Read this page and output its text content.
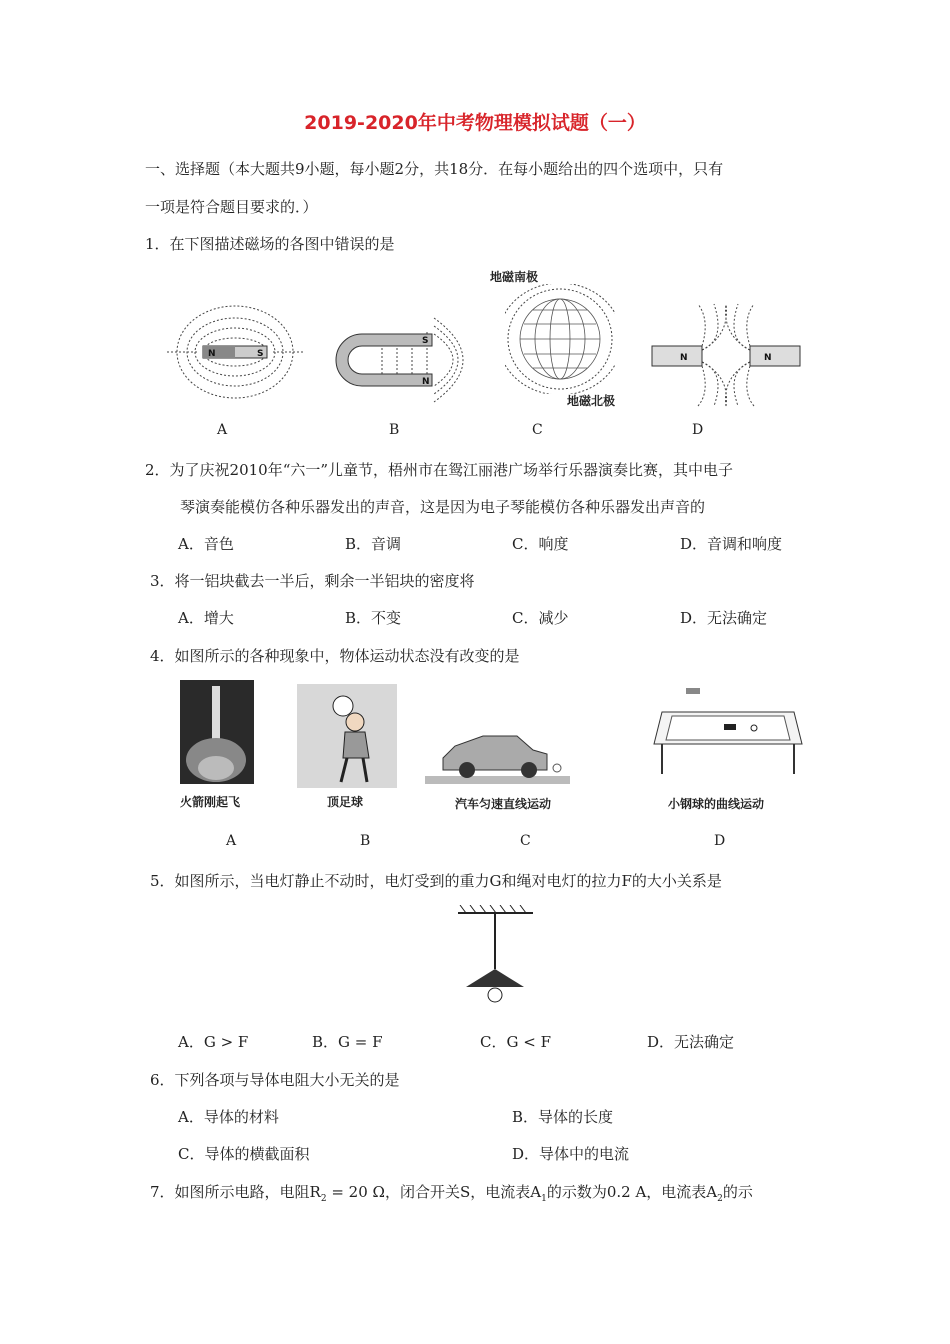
2019-2020年中考物理模拟试题（一）
一、选择题（本大题共9小题，每小题2分，共18分．在每小题给出的四个选项中，只有
一项是符合题目要求的．）
1．在下图描述磁场的各图中错误的是
N	S
A
S
N
B
地磁南极
地磁北极
C
N	N
D
2．为了庆祝2010年“六一”儿童节，梧州市在鸳江丽港广场举行乐器演奏比赛，其中电子
琴演奏能模仿各种乐器发出的声音，这是因为电子琴能模仿各种乐器发出声音的
A．音色	B．音调	C．响度	D．音调和响度
3．将一铝块截去一半后，剩余一半铝块的密度将
A．增大	B．不变	C．减少	D．无法确定
4．如图所示的各种现象中，物体运动状态没有改变的是
火箭刚起飞
A
顶足球
B
汽车匀速直线运动
C
小钢球的曲线运动
D
5．如图所示，当电灯静止不动时，电灯受到的重力G和绳对电灯的拉力F的大小关系是
A．G > F	B．G = F	C．G < F	D．无法确定
6．下列各项与导体电阻大小无关的是
A．导体的材料	B．导体的长度
C．导体的横截面积	D．导体中的电流
7．如图所示电路，电阻$R_2 = 20$ Ω，闭合开关S，电流表$A_1$的示数为0.2 A，电流表$A_2$的示
